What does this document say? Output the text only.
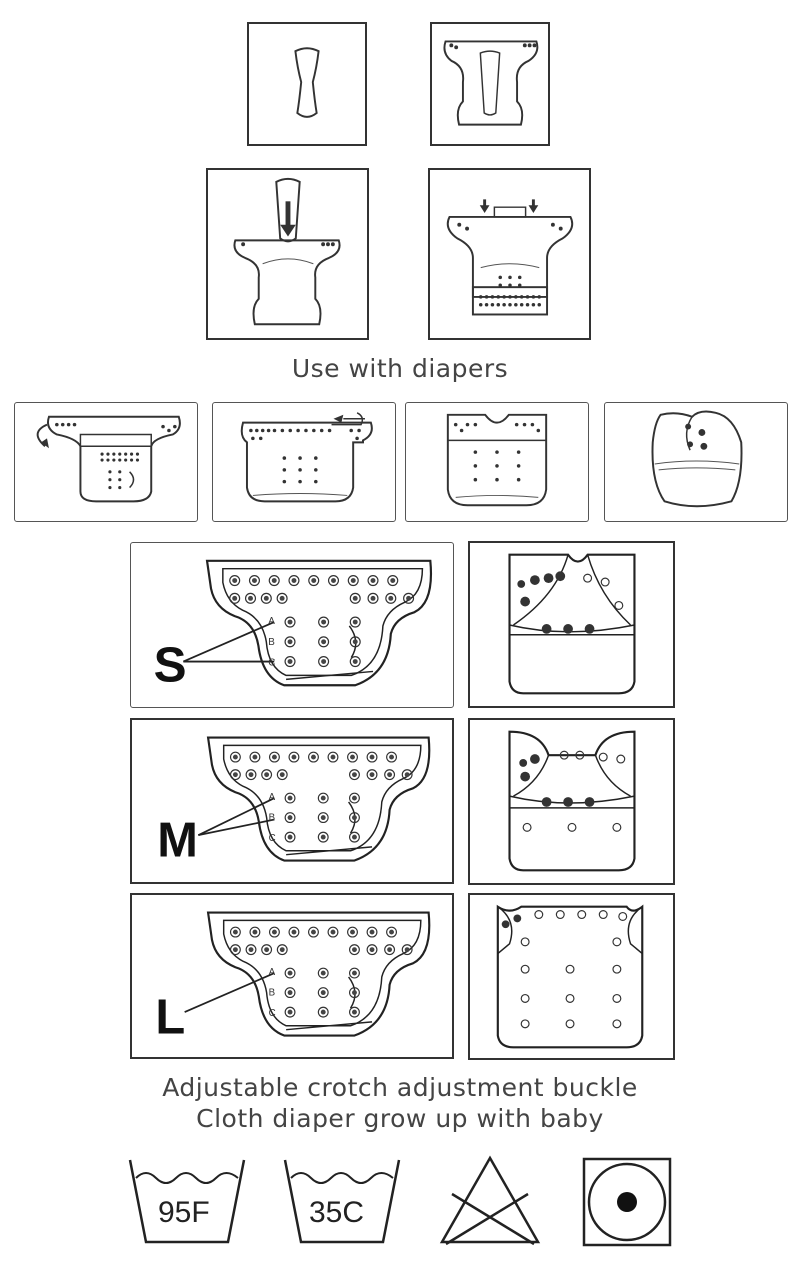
Use with diapers
S
A
B
C
M
A
B
C
L
A
B
C
Adjustable crotch adjustment buckle
Cloth diaper grow up with baby
95F	35C
